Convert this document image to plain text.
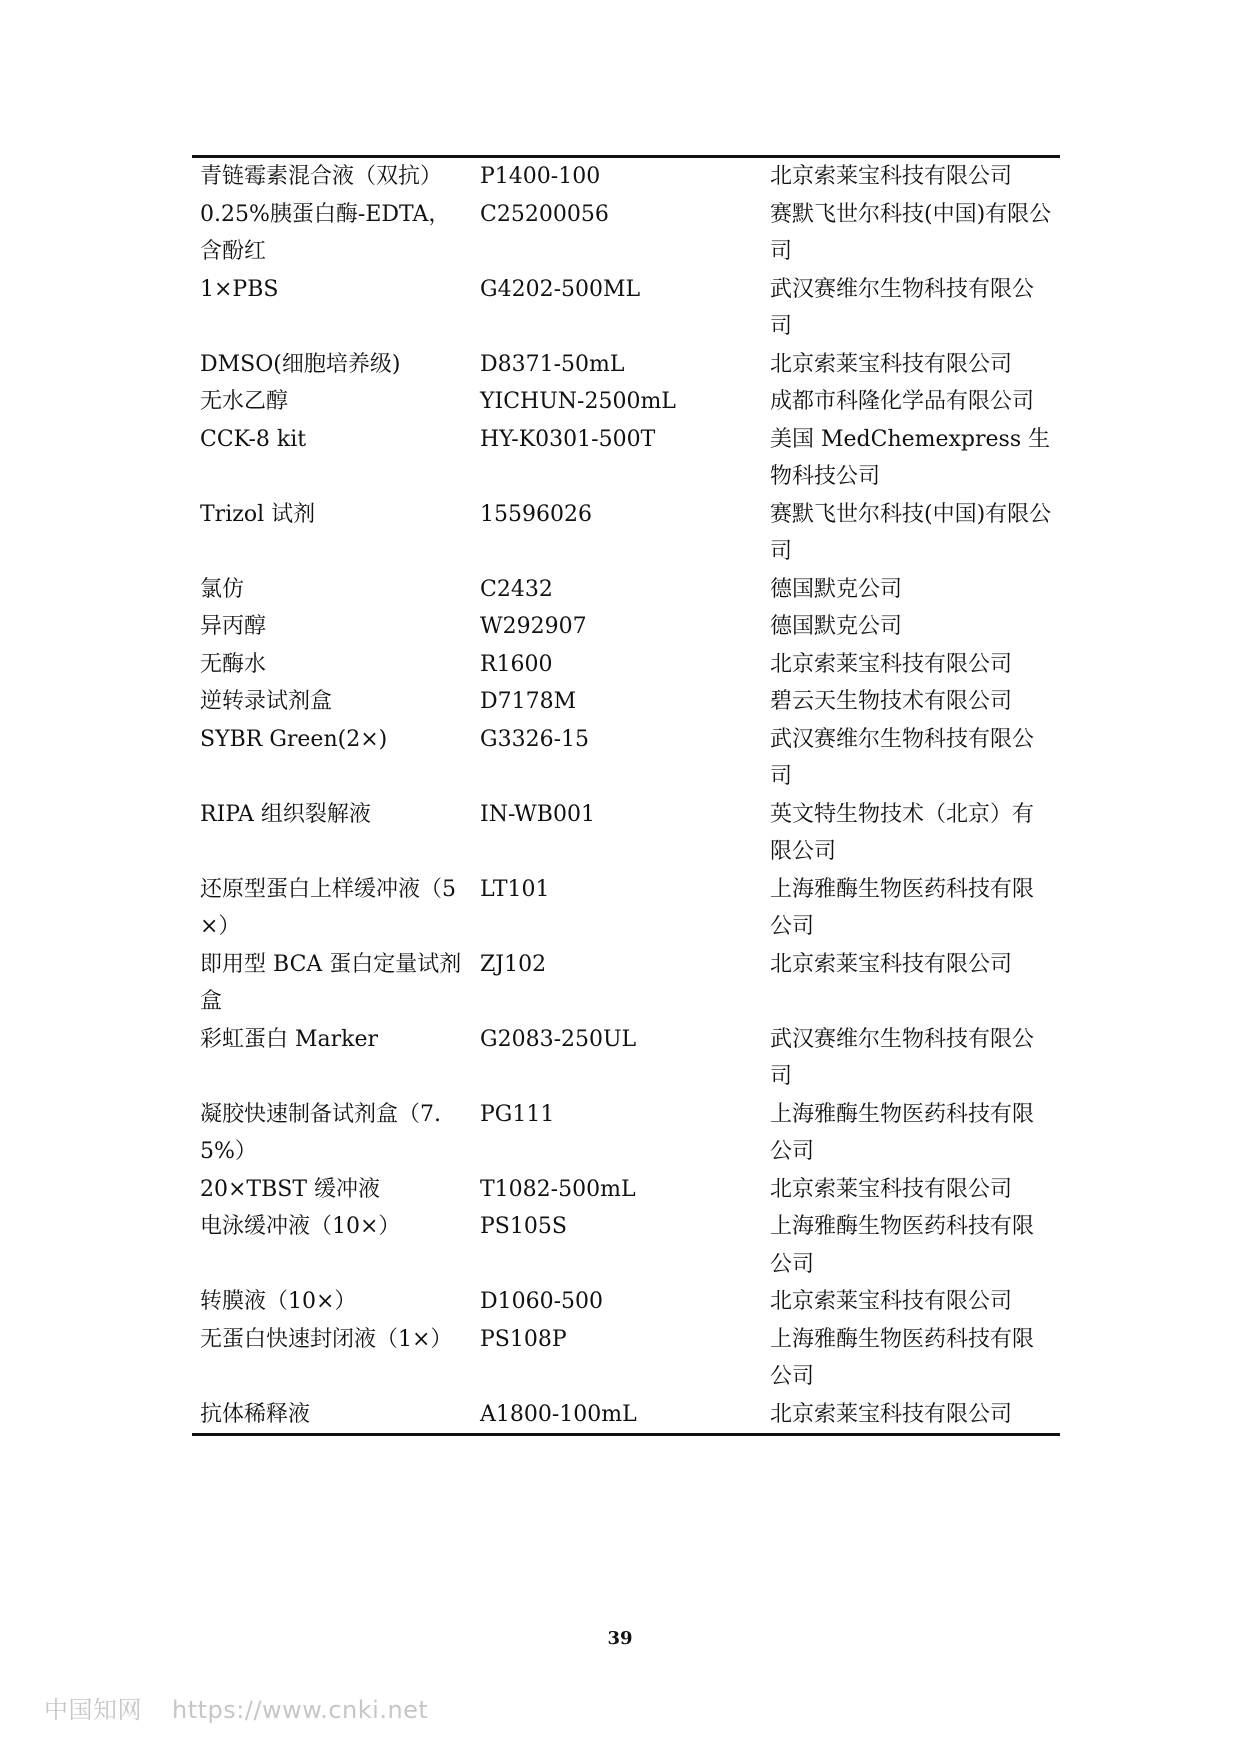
青链霉素混合液（双抗）	P1400-100	北京索莱宝科技有限公司
0.25%胰蛋白酶-EDTA，含酚红	C25200056	赛默飞世尔科技(中国)有限公司
1×PBS	G4202-500ML	武汉赛维尔生物科技有限公司
DMSO(细胞培养级)	D8371-50mL	北京索莱宝科技有限公司
无水乙醇	YICHUN-2500mL	成都市科隆化学品有限公司
CCK-8 kit	HY-K0301-500T	美国 MedChemexpress 生物科技公司
Trizol 试剂	15596026	赛默飞世尔科技(中国)有限公司
氯仿	C2432	德国默克公司
异丙醇	W292907	德国默克公司
无酶水	R1600	北京索莱宝科技有限公司
逆转录试剂盒	D7178M	碧云天生物技术有限公司
SYBR Green(2×)	G3326-15	武汉赛维尔生物科技有限公司
RIPA 组织裂解液	IN-WB001	英文特生物技术（北京）有限公司
还原型蛋白上样缓冲液（5×）	LT101	上海雅酶生物医药科技有限公司
即用型 BCA 蛋白定量试剂盒	ZJ102	北京索莱宝科技有限公司
彩虹蛋白 Marker	G2083-250UL	武汉赛维尔生物科技有限公司
凝胶快速制备试剂盒（7.5%）	PG111	上海雅酶生物医药科技有限公司
20×TBST 缓冲液	T1082-500mL	北京索莱宝科技有限公司
电泳缓冲液（10×）	PS105S	上海雅酶生物医药科技有限公司
转膜液（10×）	D1060-500	北京索莱宝科技有限公司
无蛋白快速封闭液（1×）	PS108P	上海雅酶生物医药科技有限公司
抗体稀释液	A1800-100mL	北京索莱宝科技有限公司
39
中国知网 https://www.cnki.net
